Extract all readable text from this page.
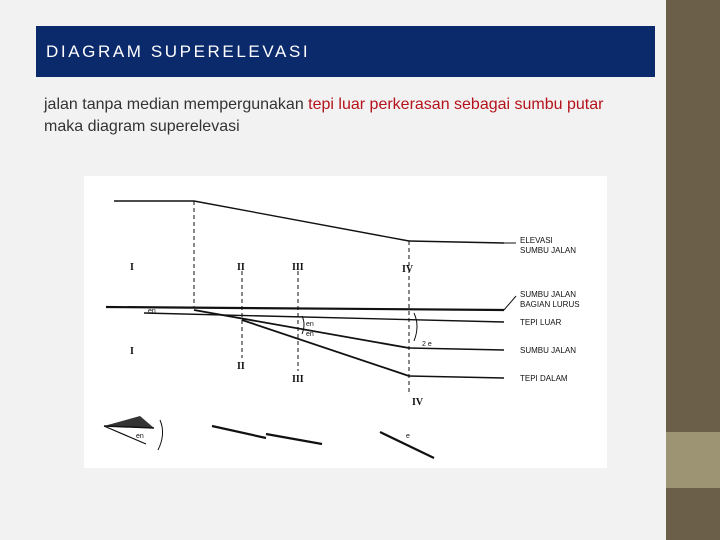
DIAGRAM SUPERELEVASI
jalan tanpa median mempergunakan tepi luar perkerasan sebagai sumbu putar maka diagram superelevasi
I
I
II
II
III
III
IV
IV
en
en
en
2 e
ELEVASI
SUMBU JALAN
SUMBU JALAN
BAGIAN LURUS
TEPI LUAR
SUMBU JALAN
TEPI DALAM
en	e
